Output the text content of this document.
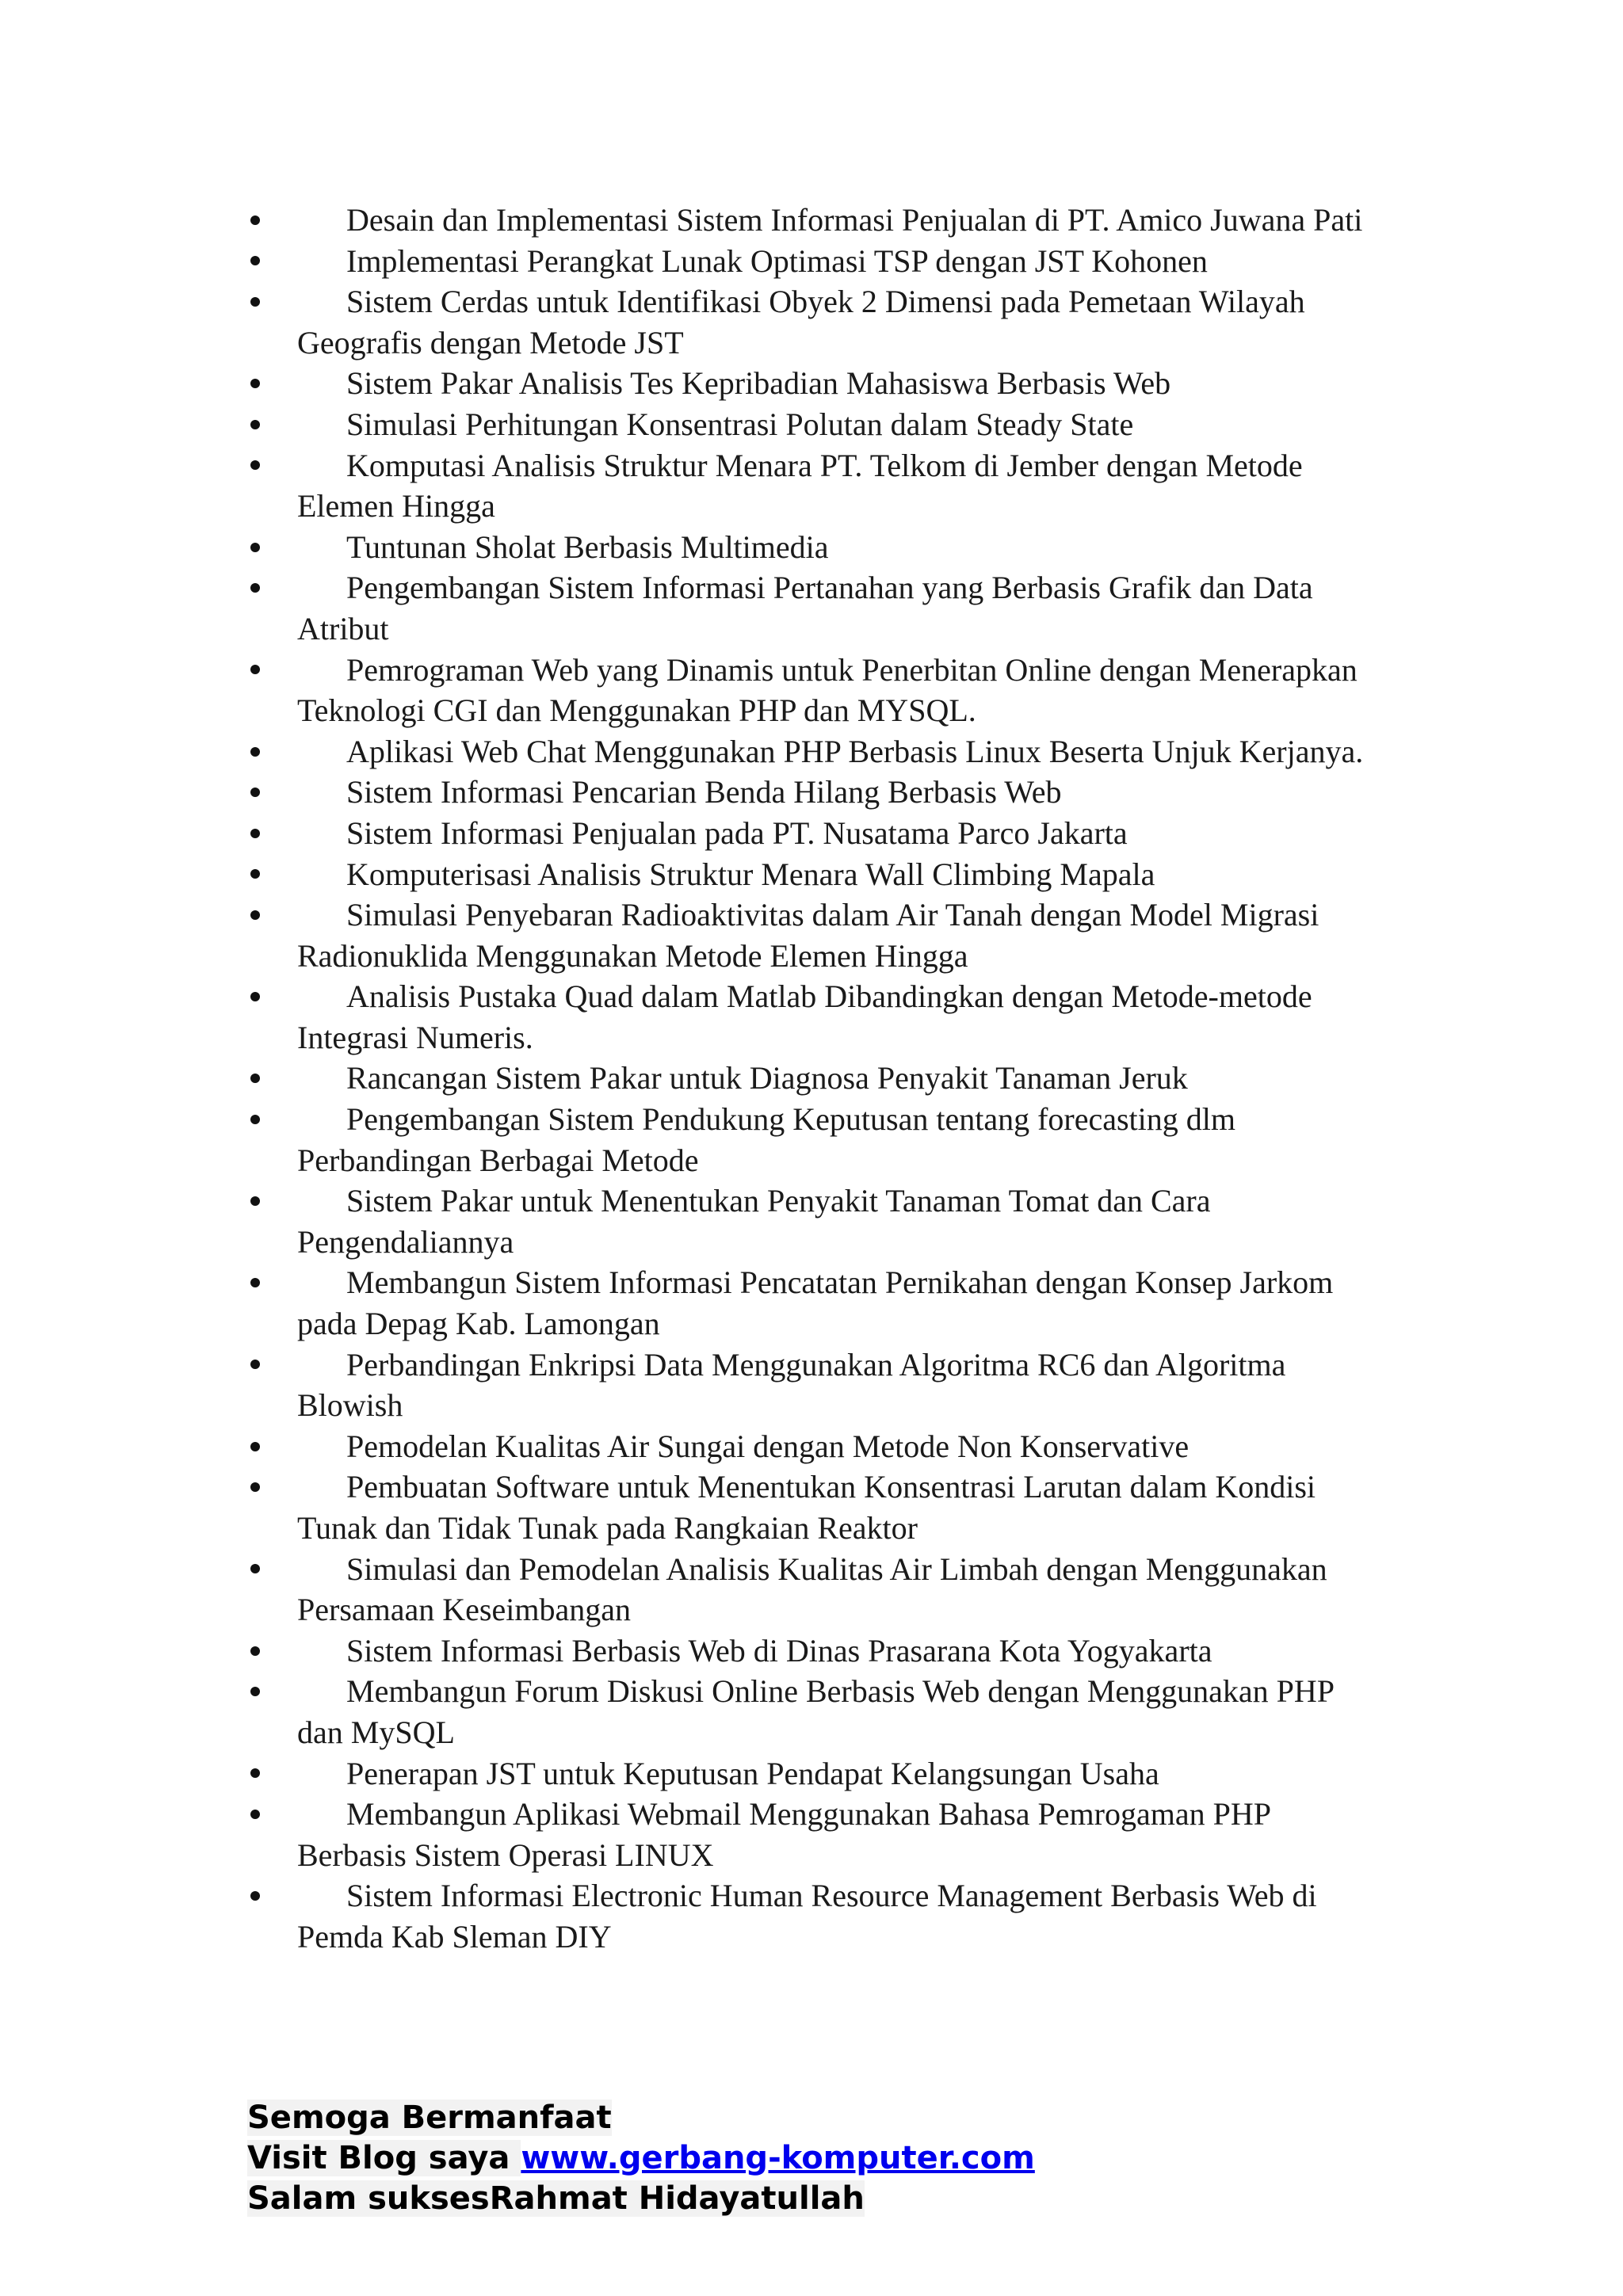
Desain dan Implementasi Sistem Informasi Penjualan di PT. Amico Juwana Pati
Implementasi Perangkat Lunak Optimasi TSP dengan JST Kohonen
Sistem Cerdas untuk Identifikasi Obyek 2 Dimensi pada Pemetaan Wilayah Geografis dengan Metode JST
Sistem Pakar Analisis Tes Kepribadian Mahasiswa Berbasis Web
Simulasi Perhitungan Konsentrasi Polutan dalam Steady State
Komputasi Analisis Struktur Menara PT. Telkom di Jember dengan Metode Elemen Hingga
Tuntunan Sholat Berbasis Multimedia
Pengembangan Sistem Informasi Pertanahan yang Berbasis Grafik dan Data Atribut
Pemrograman Web yang Dinamis untuk Penerbitan Online dengan Menerapkan Teknologi CGI dan Menggunakan PHP dan MYSQL.
Aplikasi Web Chat Menggunakan PHP Berbasis Linux Beserta Unjuk Kerjanya.
Sistem Informasi Pencarian Benda Hilang Berbasis Web
Sistem Informasi Penjualan pada PT. Nusatama Parco Jakarta
Komputerisasi Analisis Struktur Menara Wall Climbing Mapala
Simulasi Penyebaran Radioaktivitas dalam Air Tanah dengan Model Migrasi Radionuklida Menggunakan Metode Elemen Hingga
Analisis Pustaka Quad dalam Matlab Dibandingkan dengan Metode-metode Integrasi Numeris.
Rancangan Sistem Pakar untuk Diagnosa Penyakit Tanaman Jeruk
Pengembangan Sistem Pendukung Keputusan tentang forecasting dlm Perbandingan Berbagai Metode
Sistem Pakar untuk Menentukan Penyakit Tanaman Tomat dan Cara Pengendaliannya
Membangun Sistem Informasi Pencatatan Pernikahan dengan Konsep Jarkom pada Depag Kab. Lamongan
Perbandingan Enkripsi Data Menggunakan Algoritma RC6 dan Algoritma Blowish
Pemodelan Kualitas Air Sungai dengan Metode Non Konservative
Pembuatan Software untuk Menentukan Konsentrasi Larutan dalam Kondisi Tunak dan Tidak Tunak pada Rangkaian Reaktor
Simulasi dan Pemodelan Analisis Kualitas Air Limbah dengan Menggunakan Persamaan Keseimbangan
Sistem Informasi Berbasis Web di Dinas Prasarana Kota Yogyakarta
Membangun Forum Diskusi Online Berbasis Web dengan Menggunakan PHP dan MySQL
Penerapan JST untuk Keputusan Pendapat Kelangsungan Usaha
Membangun Aplikasi Webmail Menggunakan Bahasa Pemrogaman PHP Berbasis Sistem Operasi LINUX
Sistem Informasi Electronic Human Resource Management Berbasis Web di Pemda Kab Sleman DIY
Semoga Bermanfaat
Visit Blog saya www.gerbang-komputer.com
Salam suksesRahmat Hidayatullah
